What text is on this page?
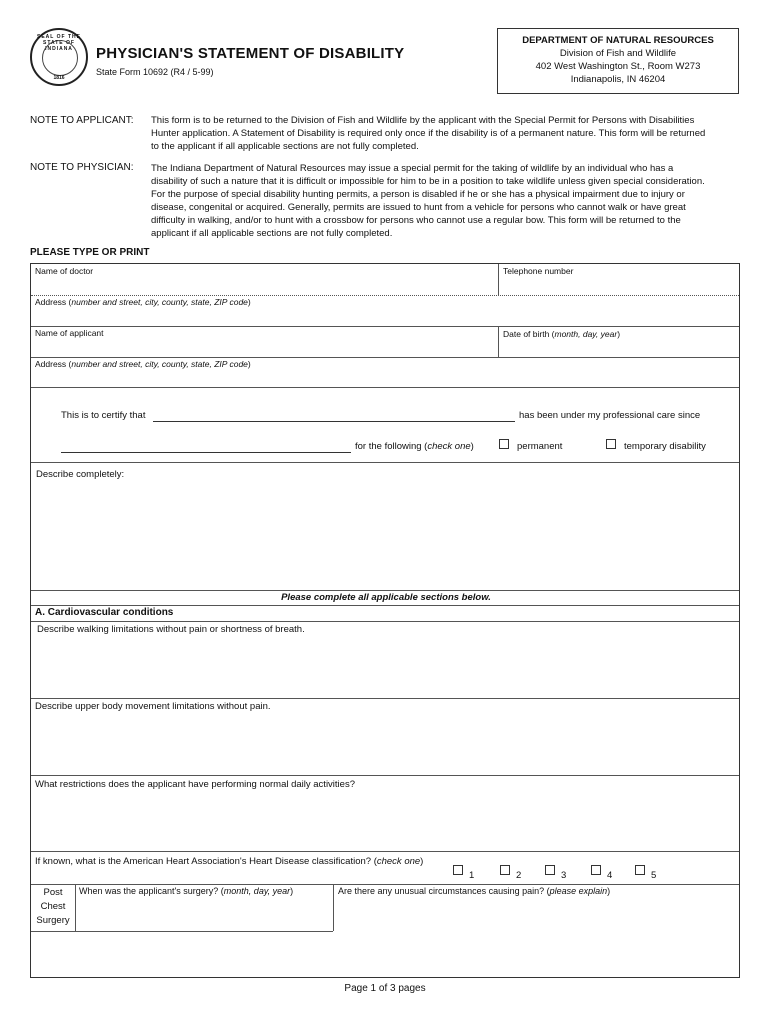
SEAL OF THE STATE OF INDIANA
1816
PHYSICIAN'S STATEMENT OF DISABILITY
State Form 10692 (R4 / 5-99)
DEPARTMENT OF NATURAL RESOURCES
Division of Fish and Wildlife
402 West Washington St., Room W273
Indianapolis, IN 46204
NOTE TO APPLICANT: This form is to be returned to the Division of Fish and Wildlife by the applicant with the Special Permit for Persons with Disabilities
Hunter application. A Statement of Disability is required only once if the disability is of a permanent nature. This form will be returned
to the applicant if all applicable sections are not fully completed.
NOTE TO PHYSICIAN: The Indiana Department of Natural Resources may issue a special permit for the taking of wildlife by an individual who has a
disability of such a nature that it is difficult or impossible for him to be in a position to take wildlife unless given special consideration.
For the purpose of special disability hunting permits, a person is disabled if he or she has a physical impairment due to injury or
disease, congenital or acquired. Generally, permits are issued to hunt from a vehicle for persons who cannot walk or have great
difficulty in walking, and/or to hunt with a crossbow for persons who cannot use a regular bow. This form will be returned to the
applicant if all applicable sections are not fully completed.
PLEASE TYPE OR PRINT
Name of doctor	Telephone number
Address (number and street, city, county, state, ZIP code)
Name of applicant	Date of birth (month, day, year)
Address (number and street, city, county, state, ZIP code)
This is to certify that	has been under my professional care since
for the following (check one)	permanent	temporary disability
Describe completely:
Please complete all applicable sections below.
A. Cardiovascular conditions
Describe walking limitations without pain or shortness of breath.
Describe upper body movement limitations without pain.
What restrictions does the applicant have performing normal daily activities?
If known, what is the American Heart Association's Heart Disease classification? (check one)
1	2	3	4	5
Post
Chest
Surgery
When was the applicant's surgery? (month, day, year)	Are there any unusual circumstances causing pain? (please explain)
Page 1 of 3 pages
